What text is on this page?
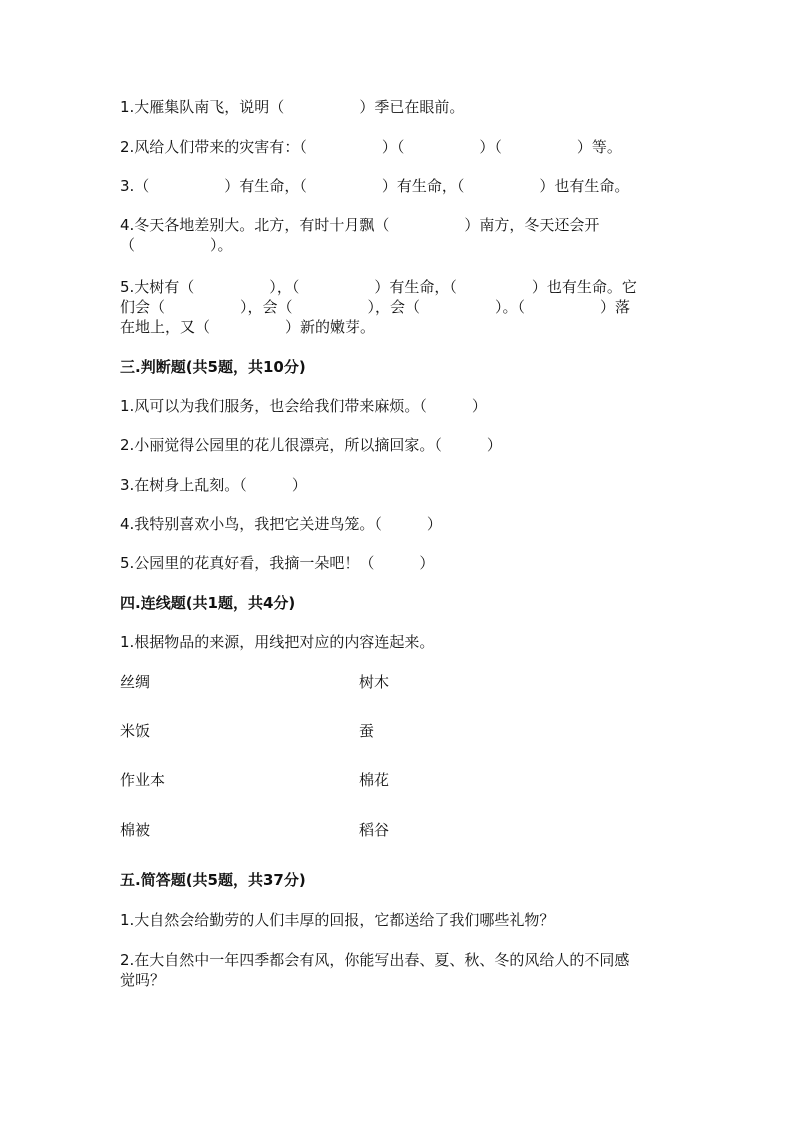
1.大雁集队南飞，说明（　　　　　）季已在眼前。
2.风给人们带来的灾害有：（　　　　　）（　　　　　）（　　　　　）等。
3.（　　　　　）有生命，（　　　　　）有生命，（　　　　　）也有生命。
4.冬天各地差别大。北方，有时十月飘（　　　　　）南方，冬天还会开
（　　　　　）。
5.大树有（　　　　　），（　　　　　）有生命，（　　　　　）也有生命。它
们会（　　　　　），会（　　　　　），会（　　　　　）。（　　　　　）落
在地上，又（　　　　　）新的嫩芽。
三.判断题(共5题，共10分)
1.风可以为我们服务，也会给我们带来麻烦。（　　　）
2.小丽觉得公园里的花儿很漂亮，所以摘回家。（　　　）
3.在树身上乱刻。（　　　）
4.我特别喜欢小鸟，我把它关进鸟笼。（　　　）
5.公园里的花真好看，我摘一朵吧！（　　　）
四.连线题(共1题，共4分)
1.根据物品的来源，用线把对应的内容连起来。
丝绸	树木
米饭	蚕
作业本	棉花
棉被	稻谷
五.简答题(共5题，共37分)
1.大自然会给勤劳的人们丰厚的回报，它都送给了我们哪些礼物？
2.在大自然中一年四季都会有风，你能写出春、夏、秋、冬的风给人的不同感
觉吗？
